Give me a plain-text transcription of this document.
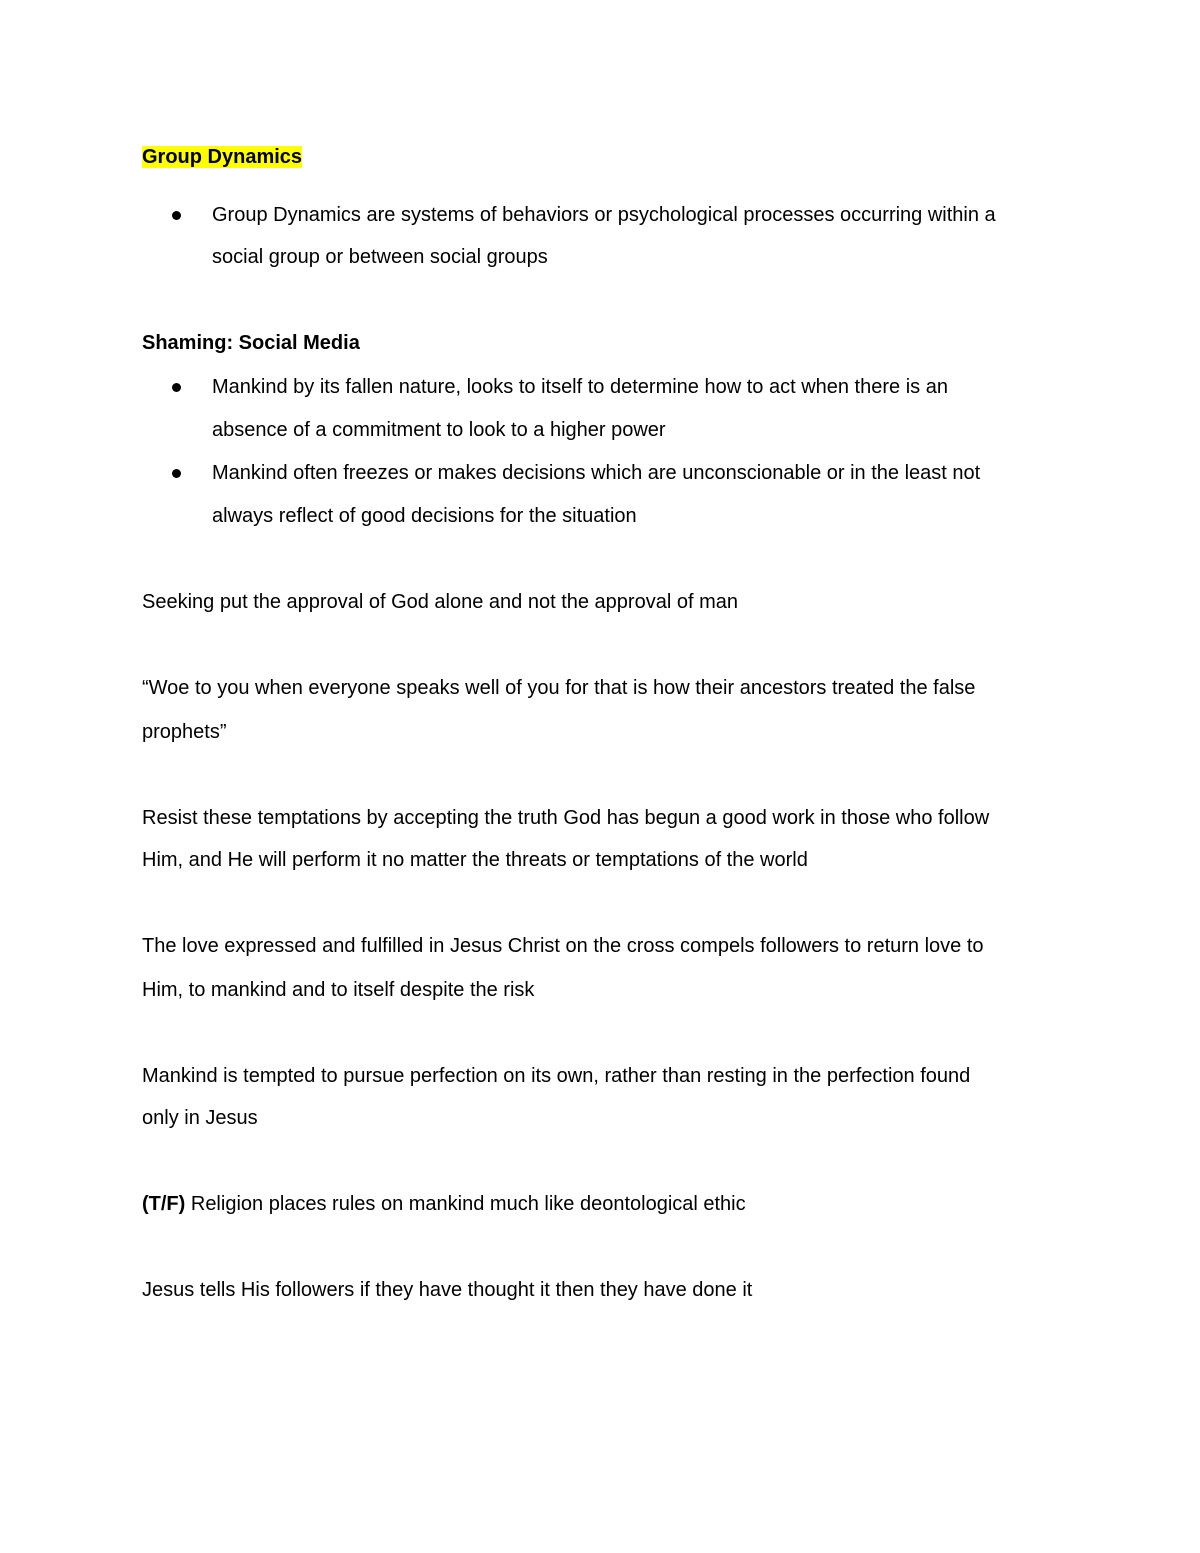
Group Dynamics
Group Dynamics are systems of behaviors or psychological processes occurring within a
social group or between social groups
Shaming: Social Media
Mankind by its fallen nature, looks to itself to determine how to act when there is an
absence of a commitment to look to a higher power
Mankind often freezes or makes decisions which are unconscionable or in the least not
always reflect of good decisions for the situation
Seeking put the approval of God alone and not the approval of man
“Woe to you when everyone speaks well of you for that is how their ancestors treated the false
prophets”
Resist these temptations by accepting the truth God has begun a good work in those who follow
Him, and He will perform it no matter the threats or temptations of the world
The love expressed and fulfilled in Jesus Christ on the cross compels followers to return love to
Him, to mankind and to itself despite the risk
Mankind is tempted to pursue perfection on its own, rather than resting in the perfection found
only in Jesus
(T/F) Religion places rules on mankind much like deontological ethic
Jesus tells His followers if they have thought it then they have done it
